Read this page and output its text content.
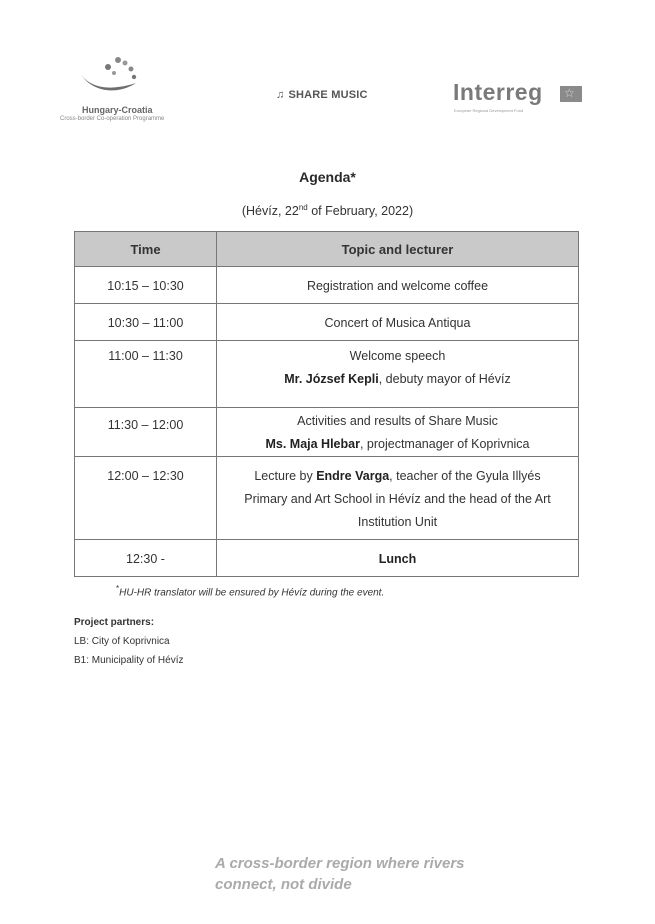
Hungary-Croatia
Cross-border Co-operation Programme
♫ SHARE MUSIC	Interreg ☆
European Regional Development Fund
Agenda*
(Hévíz, 22nd of February, 2022)
Time	Topic and lecturer

10:15 – 10:30	Registration and welcome coffee

10:30 – 11:00	Concert of Musica Antiqua

11:00 – 11:30	Welcome speech
Mr. József Kepli, debuty mayor of Hévíz

11:30 – 12:00	Activities and results of Share Music
Ms. Maja Hlebar, projectmanager of Koprivnica

12:00 – 12:30	Lecture by Endre Varga, teacher of the Gyula Illyés
Primary and Art School in Hévíz and the head of the Art
Institution Unit

12:30 -	Lunch
*HU-HR translator will be ensured by Hévíz during the event.
Project partners:
LB: City of Koprivnica
B1: Municipality of Hévíz
A cross-border region where rivers
connect, not divide
